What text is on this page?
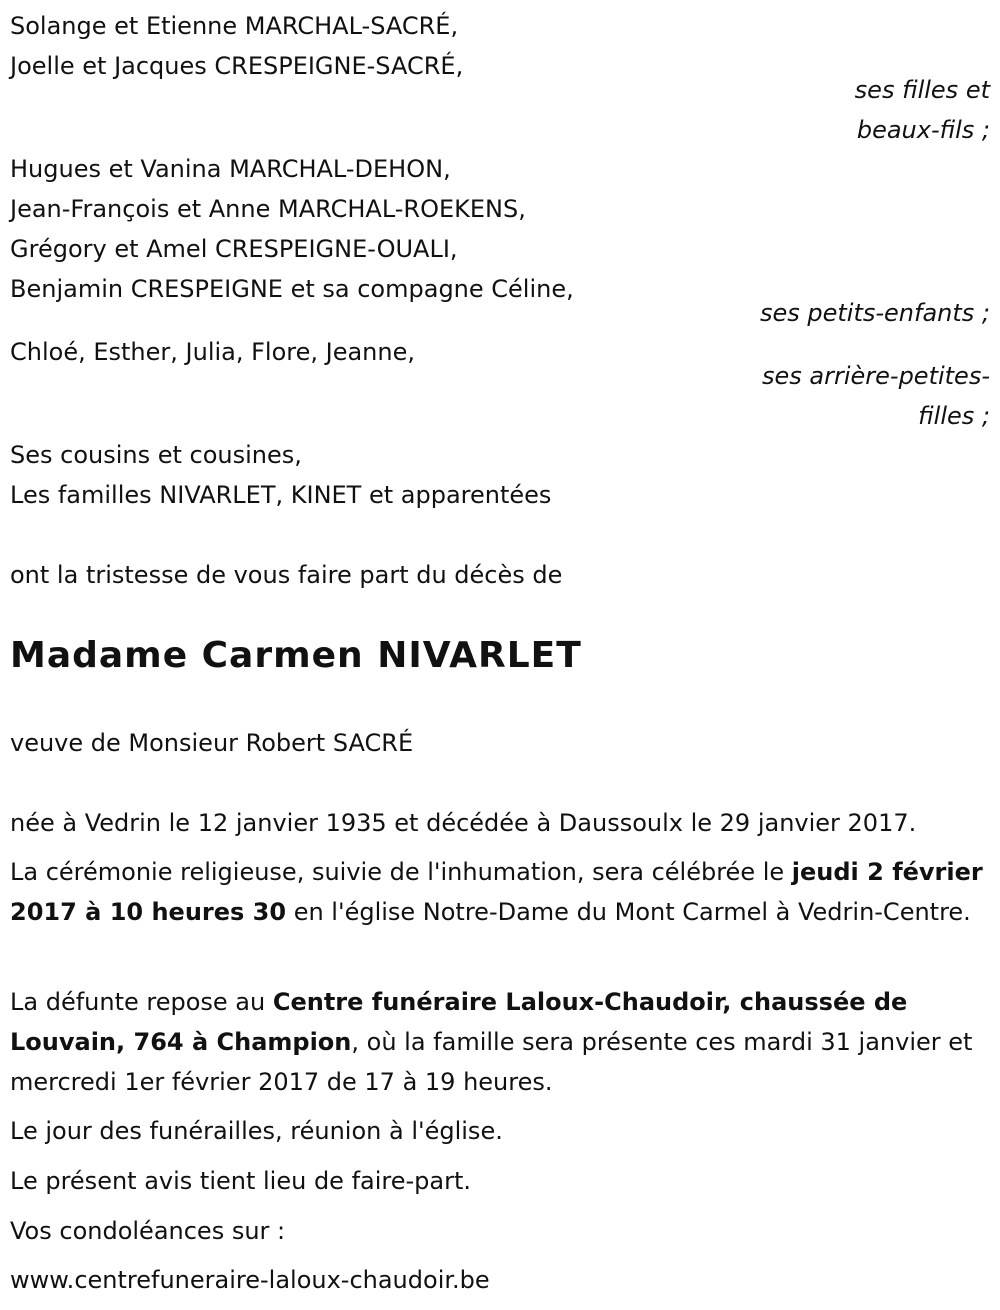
Solange et Etienne MARCHAL-SACRÉ,

Joelle et Jacques CRESPEIGNE-SACRÉ,

ses filles et

beaux-fils ;

Hugues et Vanina MARCHAL-DEHON,

Jean-François et Anne MARCHAL-ROEKENS,

Grégory et Amel CRESPEIGNE-OUALI,

Benjamin CRESPEIGNE et sa compagne Céline,

ses petits-enfants ;

Chloé, Esther, Julia, Flore, Jeanne,

ses arrière-petites-

filles ;

Ses cousins et cousines,

Les familles NIVARLET, KINET et apparentées

ont la tristesse de vous faire part du décès de

Madame Carmen NIVARLET

veuve de Monsieur Robert SACRÉ

née à Vedrin le 12 janvier 1935 et décédée à Daussoulx le 29 janvier 2017.

La cérémonie religieuse, suivie de l'inhumation, sera célébrée le jeudi 2 février 2017 à 10 heures 30 en l'église Notre-Dame du Mont Carmel à Vedrin-Centre.

La défunte repose au Centre funéraire Laloux-Chaudoir, chaussée de Louvain, 764 à Champion, où la famille sera présente ces mardi 31 janvier et mercredi 1er février 2017 de 17 à 19 heures.

Le jour des funérailles, réunion à l'église.

Le présent avis tient lieu de faire-part.

Vos condoléances sur :

www.centrefuneraire-laloux-chaudoir.be
